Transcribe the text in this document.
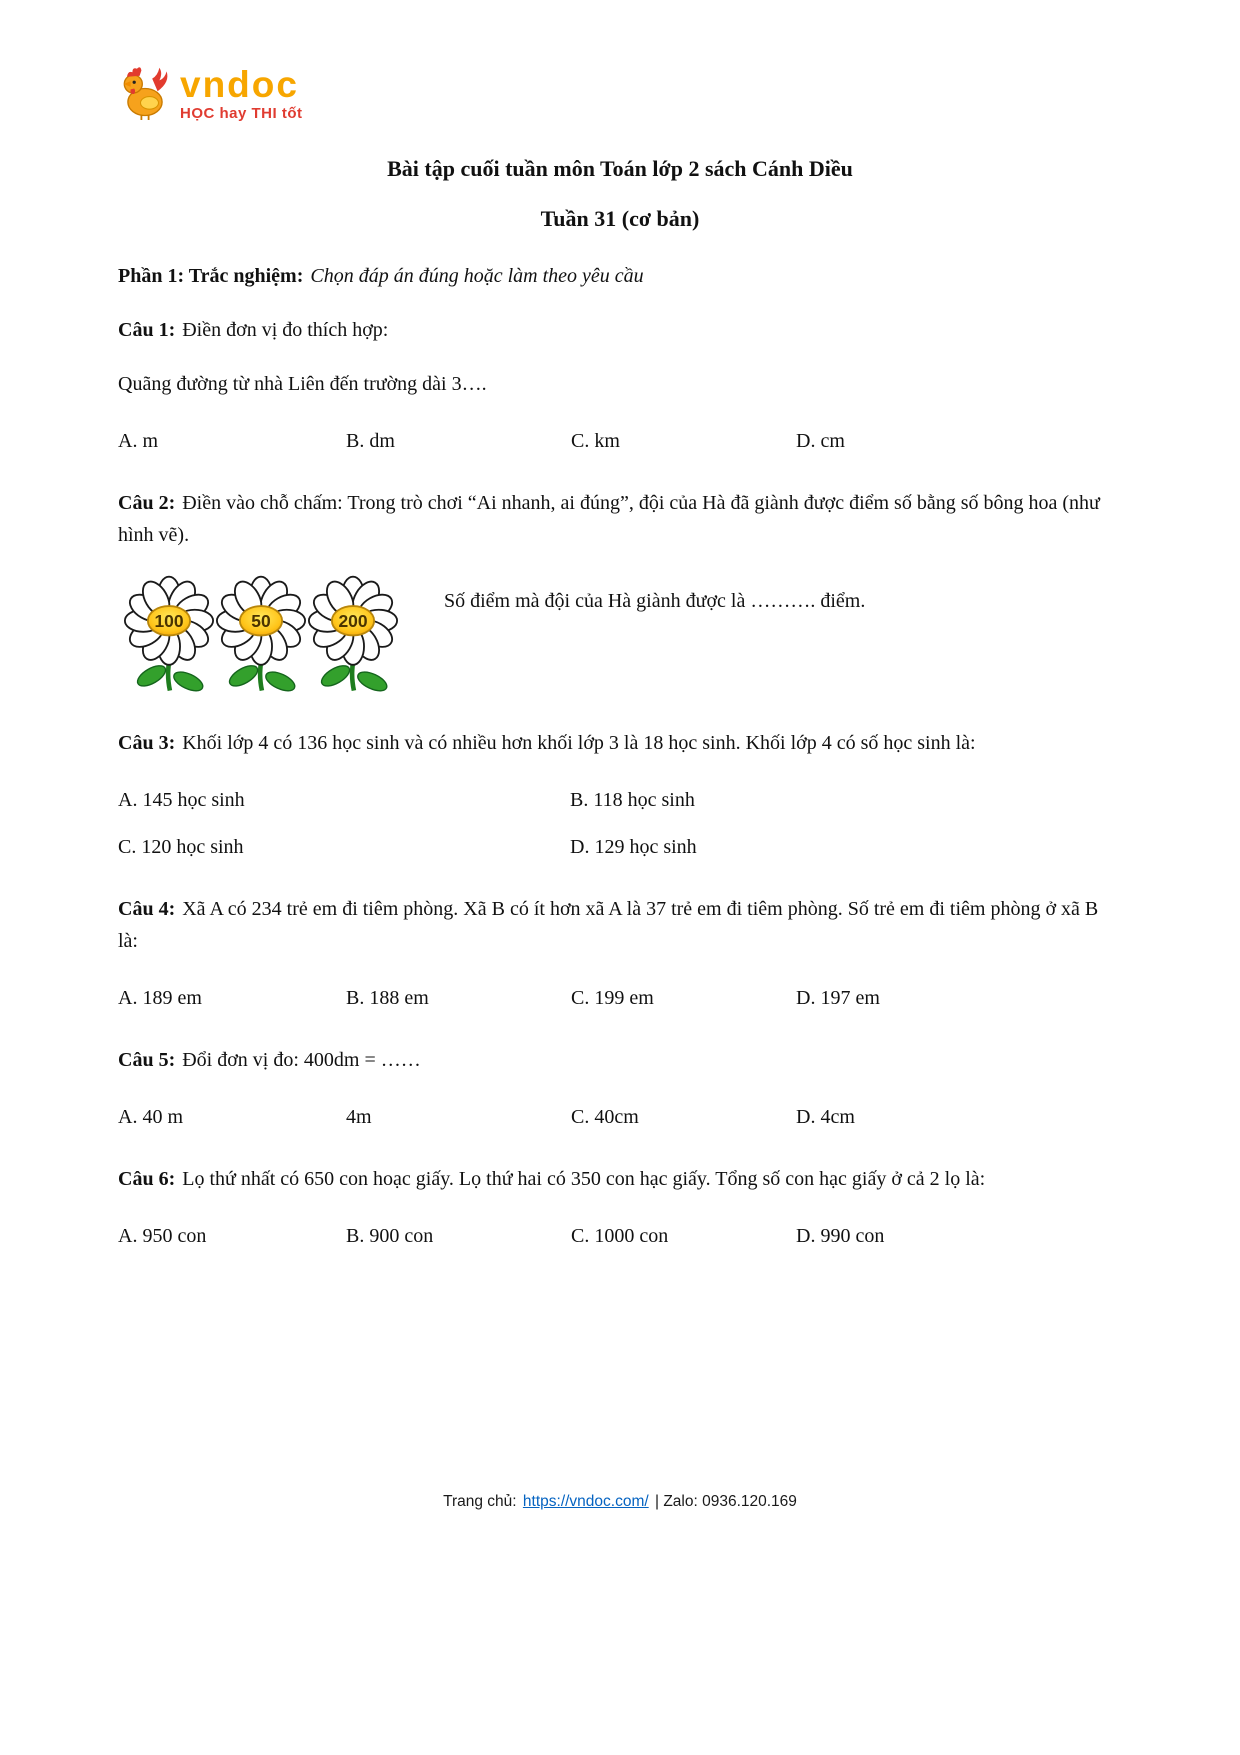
vndoc
HỌC hay THI tốt
Bài tập cuối tuần môn Toán lớp 2 sách Cánh Diều
Tuần 31 (cơ bản)

Phần 1: Trắc nghiệm: Chọn đáp án đúng hoặc làm theo yêu cầu

Câu 1: Điền đơn vị đo thích hợp:

Quãng đường từ nhà Liên đến trường dài 3….

A. m	B. dm	C. km	D. cm

Câu 2: Điền vào chỗ chấm: Trong trò chơi “Ai nhanh, ai đúng”, đội của Hà đã giành được điểm số bằng số bông hoa (như hình vẽ).

100	50	200
Số điểm mà đội của Hà giành được là ………. điểm.

Câu 3: Khối lớp 4 có 136 học sinh và có nhiều hơn khối lớp 3 là 18 học sinh. Khối lớp 4 có số học sinh là:

A. 145 học sinh	B. 118 học sinh
C. 120 học sinh	D. 129 học sinh

Câu 4: Xã A có 234 trẻ em đi tiêm phòng. Xã B có ít hơn xã A là 37 trẻ em đi tiêm phòng. Số trẻ em đi tiêm phòng ở xã B là:

A. 189 em	B. 188 em	C. 199 em	D. 197 em

Câu 5: Đổi đơn vị đo: 400dm = ……

A. 40 m	4m	C. 40cm	D. 4cm

Câu 6: Lọ thứ nhất có 650 con hoạc giấy. Lọ thứ hai có 350 con hạc giấy. Tổng số con hạc giấy ở cả 2 lọ là:

A. 950 con	B. 900 con	C. 1000 con	D. 990 con
Trang chủ: https://vndoc.com/ | Zalo: 0936.120.169
